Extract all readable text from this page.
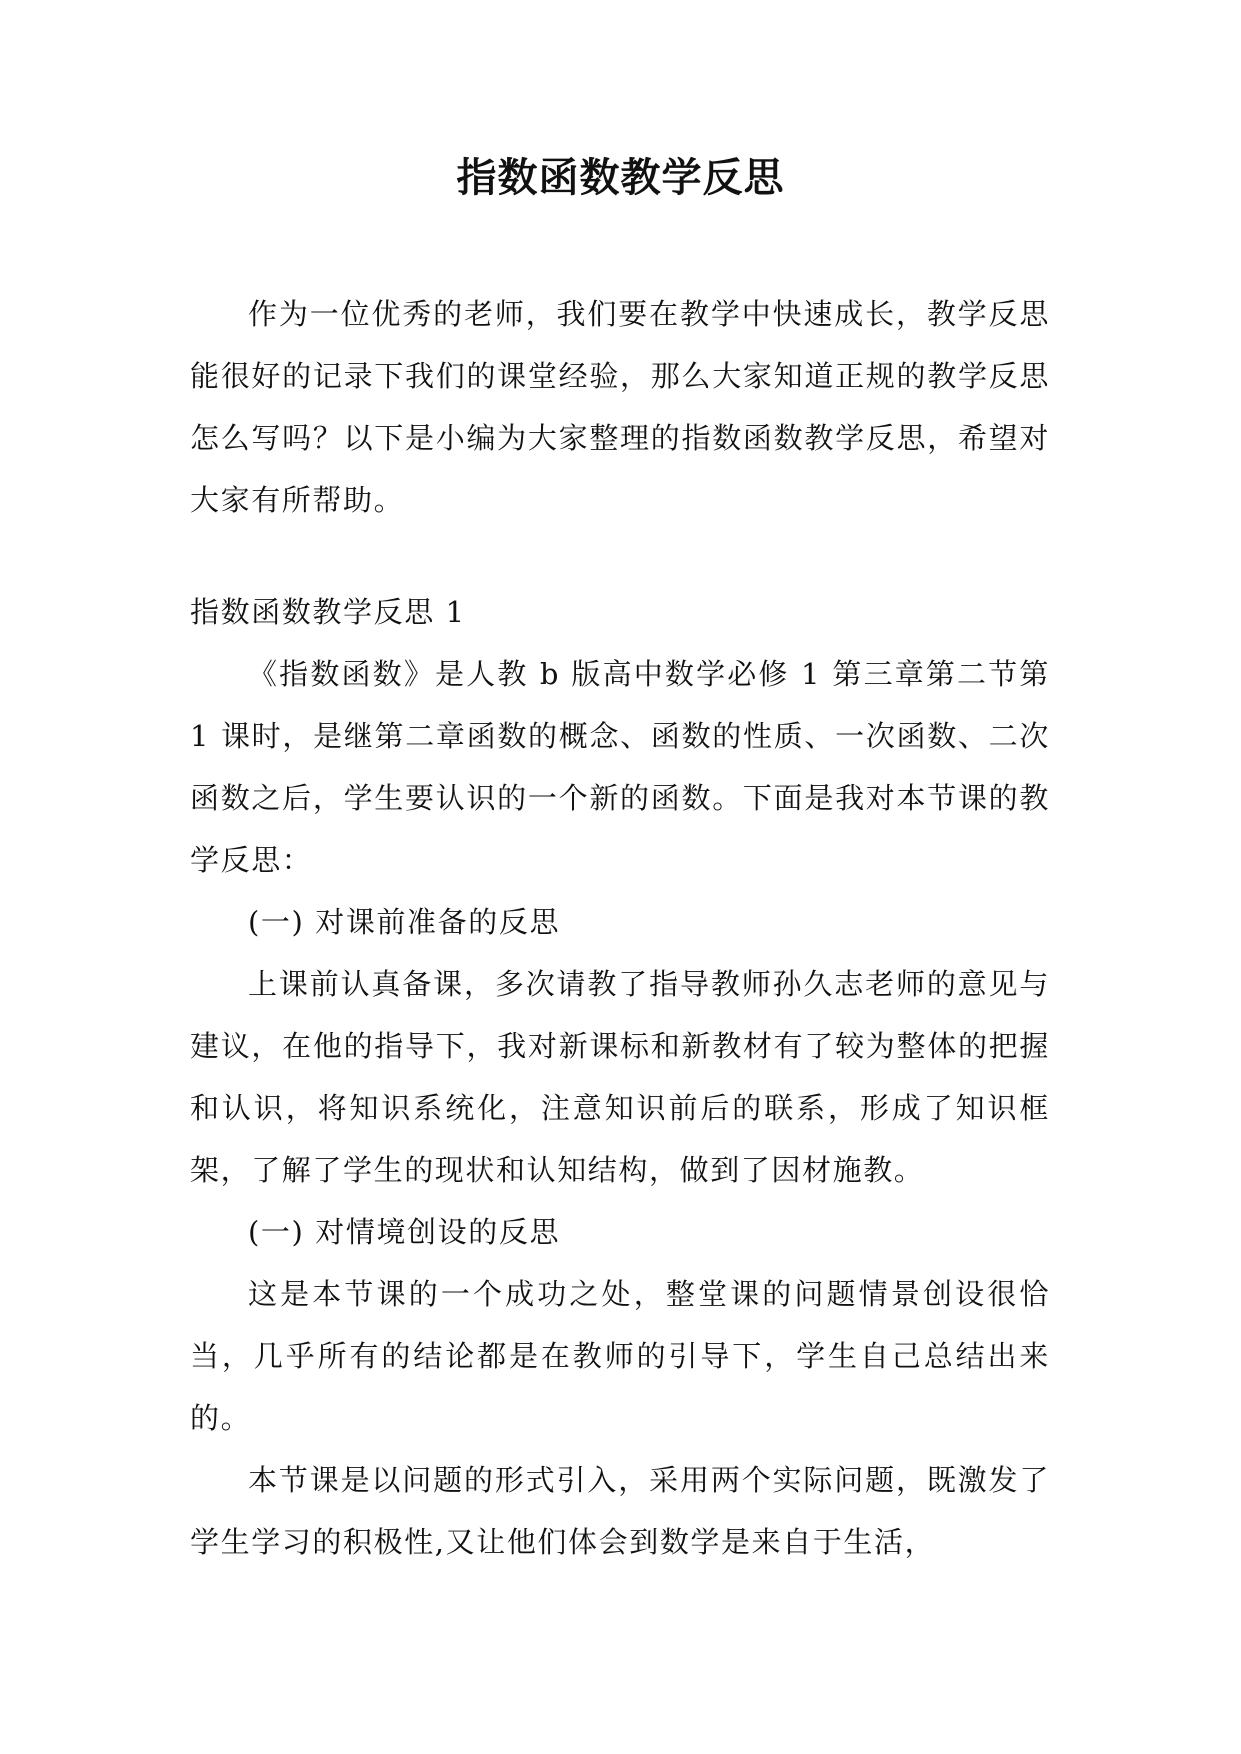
指数函数教学反思

作为一位优秀的老师，我们要在教学中快速成长，教学反思能很好的记录下我们的课堂经验，那么大家知道正规的教学反思怎么写吗？以下是小编为大家整理的指数函数教学反思，希望对大家有所帮助。

指数函数教学反思 1

《指数函数》是人教 b 版高中数学必修 1 第三章第二节第 1 课时，是继第二章函数的概念、函数的性质、一次函数、二次函数之后，学生要认识的一个新的函数。下面是我对本节课的教学反思：

(一) 对课前准备的反思

上课前认真备课，多次请教了指导教师孙久志老师的意见与建议，在他的指导下，我对新课标和新教材有了较为整体的把握和认识，将知识系统化，注意知识前后的联系，形成了知识框架，了解了学生的现状和认知结构，做到了因材施教。

(一) 对情境创设的反思

这是本节课的一个成功之处，整堂课的问题情景创设很恰当，几乎所有的结论都是在教师的引导下，学生自己总结出来的。

本节课是以问题的形式引入，采用两个实际问题，既激发了学生学习的积极性,又让他们体会到数学是来自于生活，
